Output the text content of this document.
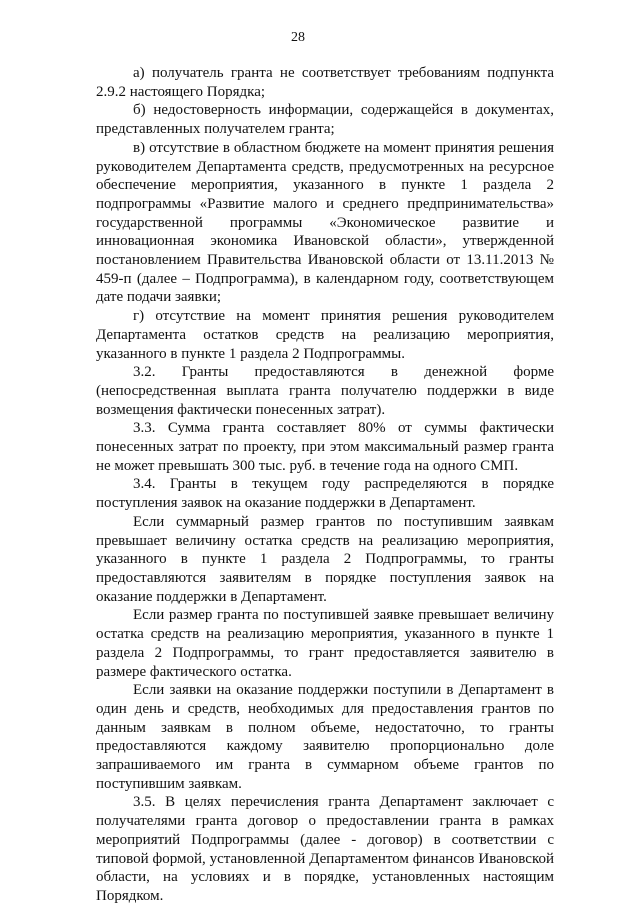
28

а) получатель гранта не соответствует требованиям подпункта 2.9.2 настоящего Порядка;

б) недостоверность информации, содержащейся в документах, представленных получателем гранта;

в) отсутствие в областном бюджете на момент принятия решения руководителем Департамента средств, предусмотренных на ресурсное обеспечение мероприятия, указанного в пункте 1 раздела 2 подпрограммы «Развитие малого и среднего предпринимательства» государственной программы «Экономическое развитие и инновационная экономика Ивановской области», утвержденной постановлением Правительства Ивановской области от 13.11.2013 № 459-п (далее – Подпрограмма), в календарном году, соответствующем дате подачи заявки;

г) отсутствие на момент принятия решения руководителем Департамента остатков средств на реализацию мероприятия, указанного в пункте 1 раздела 2 Подпрограммы.

3.2. Гранты предоставляются в денежной форме (непосредственная выплата гранта получателю поддержки в виде возмещения фактически понесенных затрат).

3.3. Сумма гранта составляет 80% от суммы фактически понесенных затрат по проекту, при этом максимальный размер гранта не может превышать 300 тыс. руб. в течение года на одного СМП.

3.4. Гранты в текущем году распределяются в порядке поступления заявок на оказание поддержки в Департамент.

Если суммарный размер грантов по поступившим заявкам превышает величину остатка средств на реализацию мероприятия, указанного в пункте 1 раздела 2 Подпрограммы, то гранты предоставляются заявителям в порядке поступления заявок на оказание поддержки в Департамент.

Если размер гранта по поступившей заявке превышает величину остатка средств на реализацию мероприятия, указанного в пункте 1 раздела 2 Подпрограммы, то грант предоставляется заявителю в размере фактического остатка.

Если заявки на оказание поддержки поступили в Департамент в один день и средств, необходимых для предоставления грантов по данным заявкам в полном объеме, недостаточно, то гранты предоставляются каждому заявителю пропорционально доле запрашиваемого им гранта в суммарном объеме грантов по поступившим заявкам.

3.5. В целях перечисления гранта Департамент заключает с получателями гранта договор о предоставлении гранта в рамках мероприятий Подпрограммы (далее - договор) в соответствии с типовой формой, установленной Департаментом финансов Ивановской области, на условиях и в порядке, установленных настоящим Порядком.
